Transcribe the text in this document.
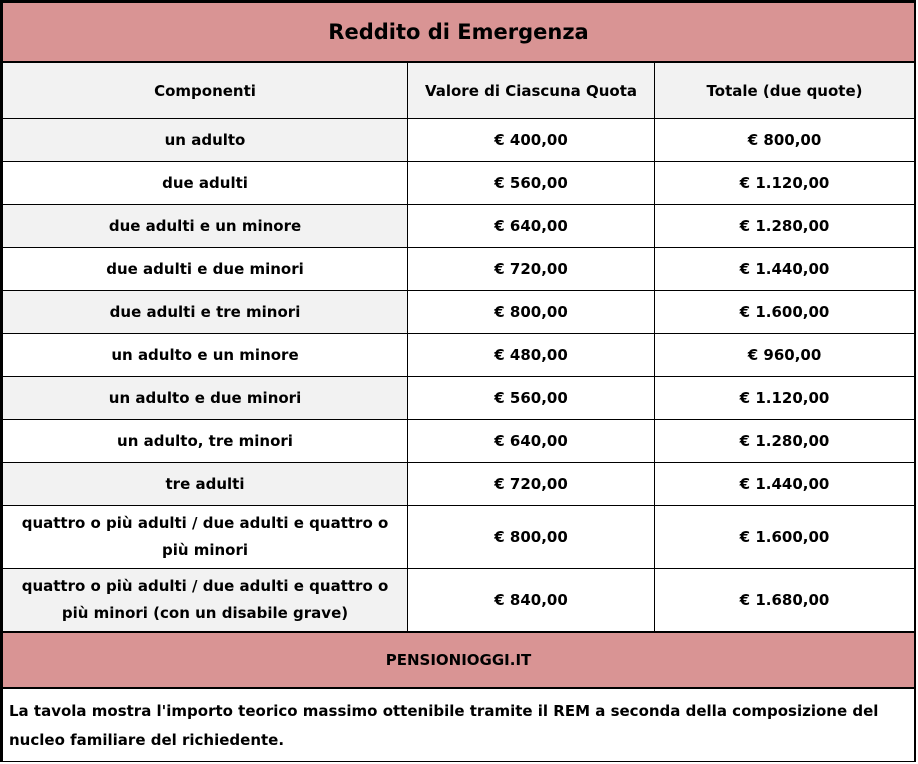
Reddito di Emergenza		
Componenti	Valore di Ciascuna Quota	Totale (due quote)
un adulto	€ 400,00	€ 800,00
due adulti	€ 560,00	€ 1.120,00
due adulti e un minore	€ 640,00	€ 1.280,00
due adulti e due minori	€ 720,00	€ 1.440,00
due adulti e tre minori	€ 800,00	€ 1.600,00
un adulto e un minore	€ 480,00	€ 960,00
un adulto e due minori	€ 560,00	€ 1.120,00
un adulto, tre minori	€ 640,00	€ 1.280,00
tre adulti	€ 720,00	€ 1.440,00
quattro o più adulti / due adulti e quattro o più minori	€ 800,00	€ 1.600,00
quattro o più adulti / due adulti e quattro o più minori (con un disabile grave)	€ 840,00	€ 1.680,00
PENSIONIOGGI.IT		
La tavola mostra l'importo teorico massimo ottenibile tramite il REM a seconda della composizione del nucleo familiare del richiedente.		
